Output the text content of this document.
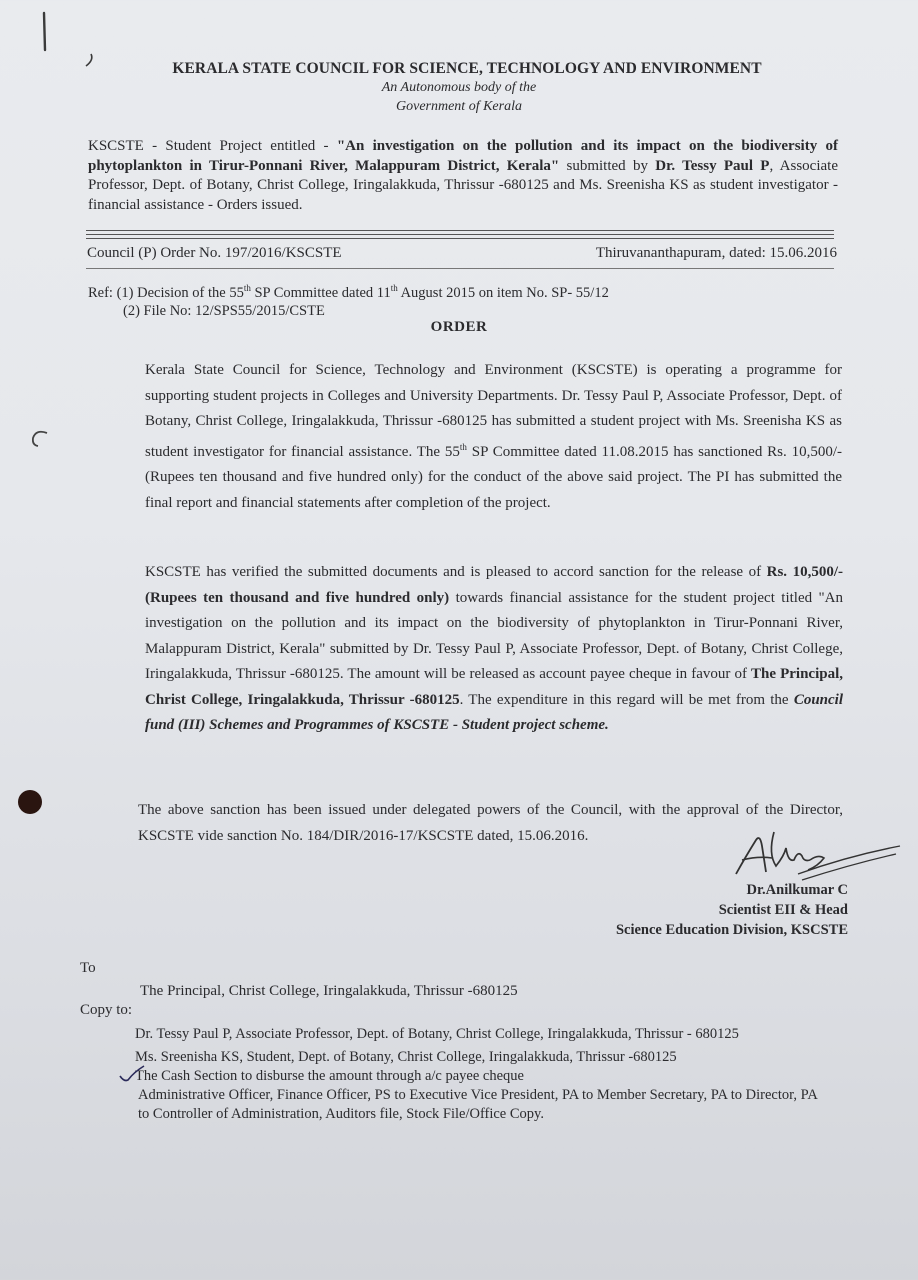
KERALA STATE COUNCIL FOR SCIENCE, TECHNOLOGY AND ENVIRONMENT
An Autonomous body of the
Government of Kerala
KSCSTE - Student Project entitled - "An investigation on the pollution and its impact on the biodiversity of phytoplankton in Tirur-Ponnani River, Malappuram District, Kerala" submitted by Dr. Tessy Paul P, Associate Professor, Dept. of Botany, Christ College, Iringalakkuda, Thrissur -680125 and Ms. Sreenisha KS as student investigator - financial assistance - Orders issued.
Council (P) Order No. 197/2016/KSCSTE	Thiruvananthapuram, dated: 15.06.2016
Ref: (1) Decision of the 55th SP Committee dated 11th August 2015 on item No. SP- 55/12
(2) File No: 12/SPS55/2015/CSTE
ORDER
Kerala State Council for Science, Technology and Environment (KSCSTE) is operating a programme for supporting student projects in Colleges and University Departments. Dr. Tessy Paul P, Associate Professor, Dept. of Botany, Christ College, Iringalakkuda, Thrissur -680125 has submitted a student project with Ms. Sreenisha KS as student investigator for financial assistance. The 55th SP Committee dated 11.08.2015 has sanctioned Rs. 10,500/- (Rupees ten thousand and five hundred only) for the conduct of the above said project. The PI has submitted the final report and financial statements after completion of the project.
KSCSTE has verified the submitted documents and is pleased to accord sanction for the release of Rs. 10,500/- (Rupees ten thousand and five hundred only) towards financial assistance for the student project titled "An investigation on the pollution and its impact on the biodiversity of phytoplankton in Tirur-Ponnani River, Malappuram District, Kerala" submitted by Dr. Tessy Paul P, Associate Professor, Dept. of Botany, Christ College, Iringalakkuda, Thrissur -680125. The amount will be released as account payee cheque in favour of The Principal, Christ College, Iringalakkuda, Thrissur -680125. The expenditure in this regard will be met from the Council fund (III) Schemes and Programmes of KSCSTE - Student project scheme.
The above sanction has been issued under delegated powers of the Council, with the approval of the Director, KSCSTE vide sanction No. 184/DIR/2016-17/KSCSTE dated, 15.06.2016.
Dr.Anilkumar C
Scientist EII & Head
Science Education Division, KSCSTE
To
The Principal, Christ College, Iringalakkuda, Thrissur -680125
Copy to:
Dr. Tessy Paul P, Associate Professor, Dept. of Botany, Christ College, Iringalakkuda, Thrissur - 680125
Ms. Sreenisha KS, Student, Dept. of Botany, Christ College, Iringalakkuda, Thrissur -680125
The Cash Section to disburse the amount through a/c payee cheque
Administrative Officer, Finance Officer, PS to Executive Vice President, PA to Member Secretary, PA to Director, PA to Controller of Administration, Auditors file, Stock File/Office Copy.
